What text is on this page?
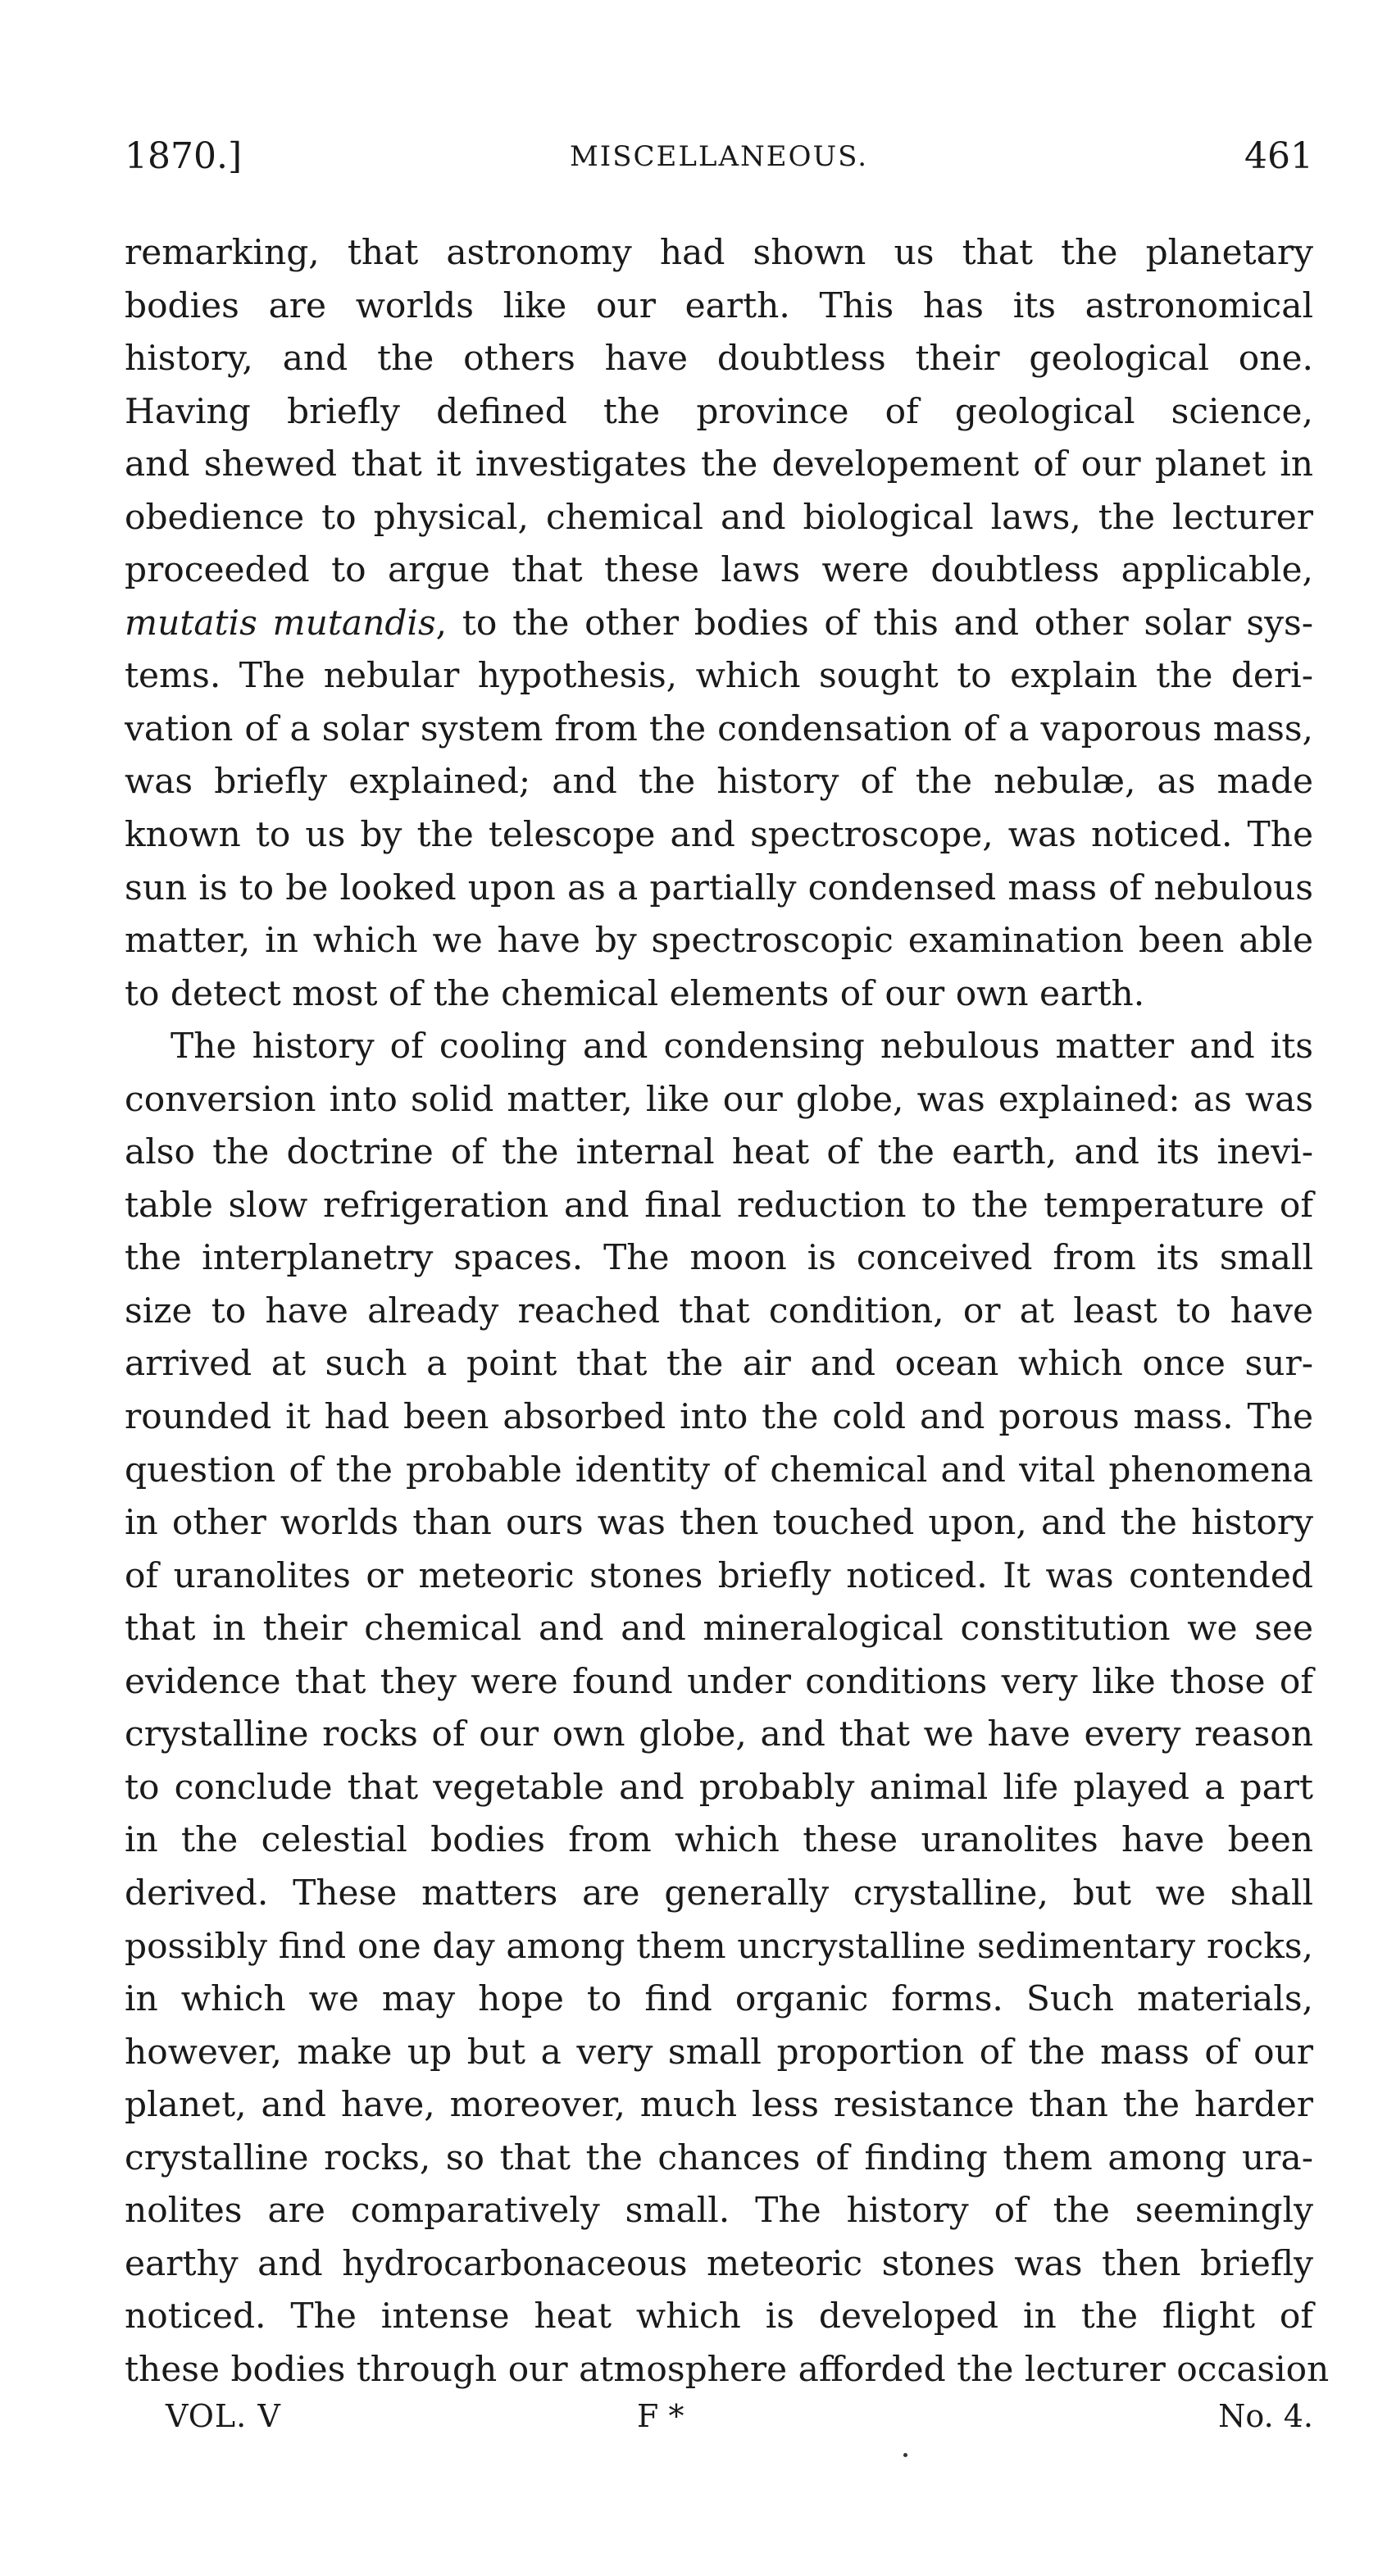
1870.]	MISCELLANEOUS.	461
remarking, that astronomy had shown us that the planetary
bodies are worlds like our earth. This has its astronomical
history, and the others have doubtless their geological one.
Having briefly defined the province of geological science,
and shewed that it investigates the developement of our planet in
obedience to physical, chemical and biological laws, the lecturer
proceeded to argue that these laws were doubtless applicable,
mutatis mutandis, to the other bodies of this and other solar sys-
tems. The nebular hypothesis, which sought to explain the deri-
vation of a solar system from the condensation of a vaporous mass,
was briefly explained; and the history of the nebulæ, as made
known to us by the telescope and spectroscope, was noticed. The
sun is to be looked upon as a partially condensed mass of nebulous
matter, in which we have by spectroscopic examination been able
to detect most of the chemical elements of our own earth.
The history of cooling and condensing nebulous matter and its
conversion into solid matter, like our globe, was explained: as was
also the doctrine of the internal heat of the earth, and its inevi-
table slow refrigeration and final reduction to the temperature of
the interplanetry spaces. The moon is conceived from its small
size to have already reached that condition, or at least to have
arrived at such a point that the air and ocean which once sur-
rounded it had been absorbed into the cold and porous mass. The
question of the probable identity of chemical and vital phenomena
in other worlds than ours was then touched upon, and the history
of uranolites or meteoric stones briefly noticed. It was contended
that in their chemical and and mineralogical constitution we see
evidence that they were found under conditions very like those of
crystalline rocks of our own globe, and that we have every reason
to conclude that vegetable and probably animal life played a part
in the celestial bodies from which these uranolites have been
derived. These matters are generally crystalline, but we shall
possibly find one day among them uncrystalline sedimentary rocks,
in which we may hope to find organic forms. Such materials,
however, make up but a very small proportion of the mass of our
planet, and have, moreover, much less resistance than the harder
crystalline rocks, so that the chances of finding them among ura-
nolites are comparatively small. The history of the seemingly
earthy and hydrocarbonaceous meteoric stones was then briefly
noticed. The intense heat which is developed in the flight of
these bodies through our atmosphere afforded the lecturer occasion
VOL. V	F *	No. 4.
